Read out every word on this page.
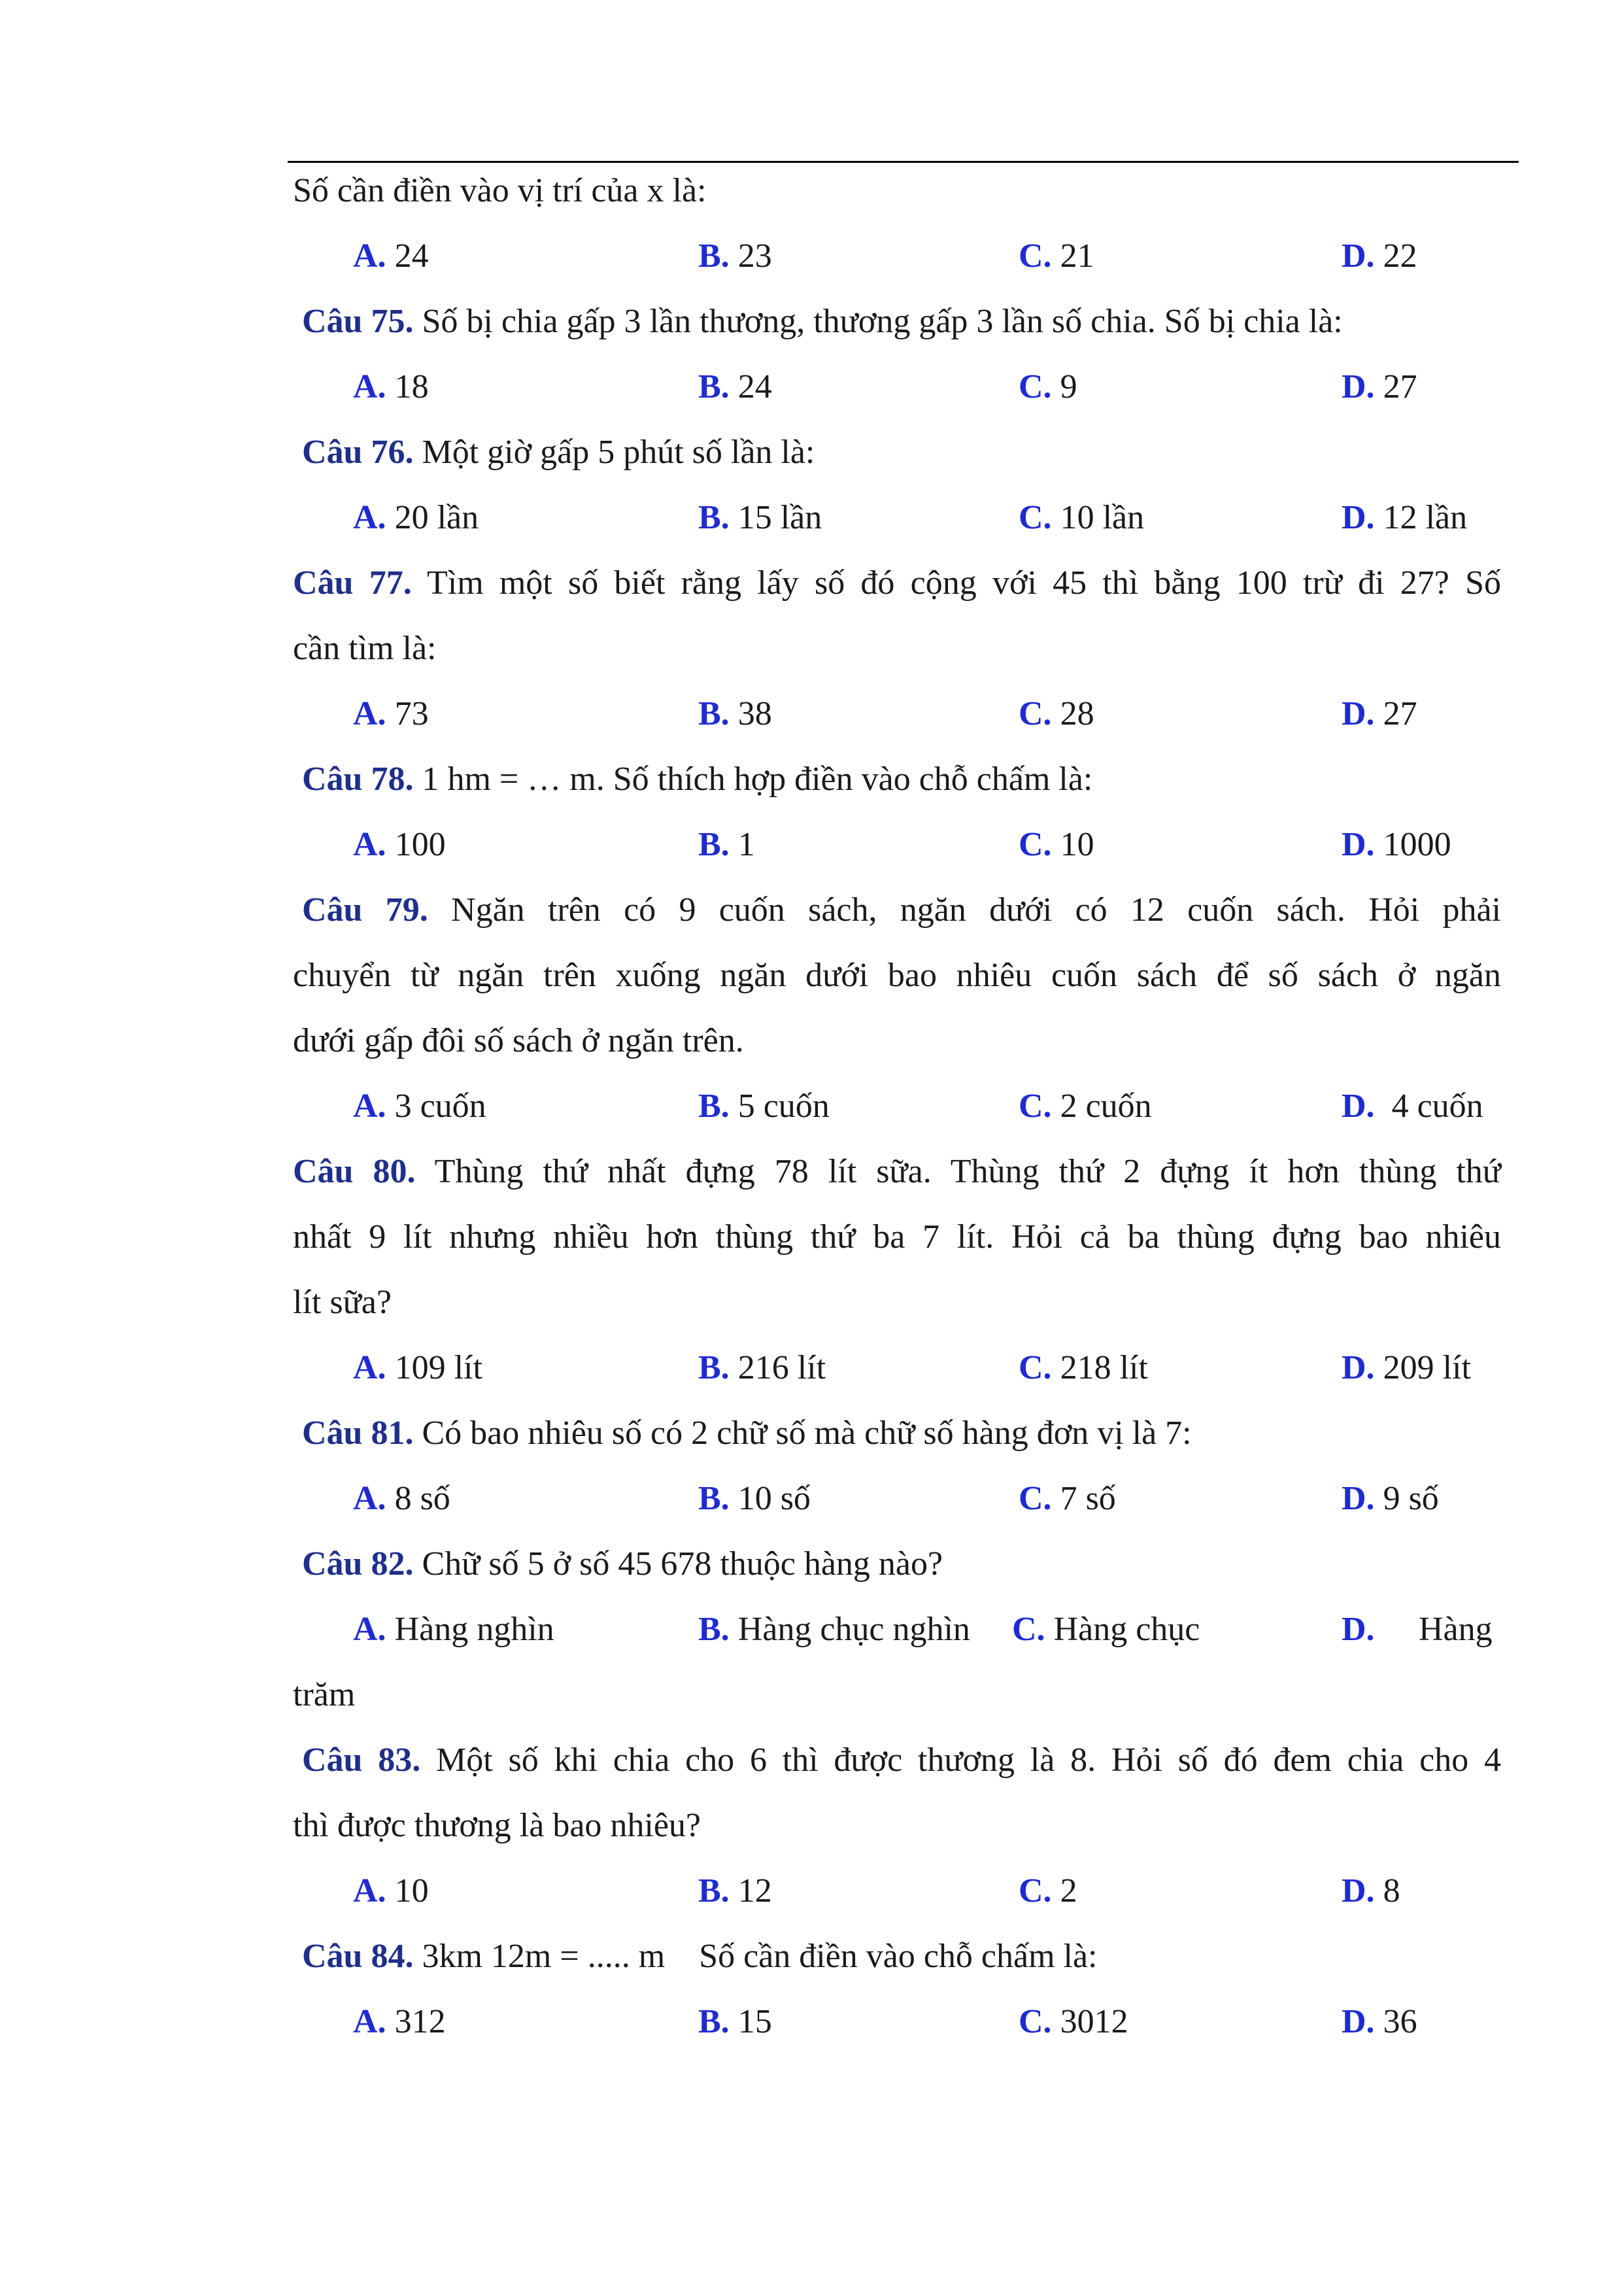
Số cần điền vào vị trí của x là:
A. 24	B. 23	C. 21	D. 22
Câu 75. Số bị chia gấp 3 lần thương, thương gấp 3 lần số chia. Số bị chia là:
A. 18	B. 24	C. 9	D. 27
Câu 76. Một giờ gấp 5 phút số lần là:
A. 20 lần	B. 15 lần	C. 10 lần	D. 12 lần
Câu 77. Tìm một số biết rằng lấy số đó cộng với 45 thì bằng 100 trừ đi 27? Số
cần tìm là:
A. 73	B. 38	C. 28	D. 27
Câu 78. 1 hm = … m. Số thích hợp điền vào chỗ chấm là:
A. 100	B. 1	C. 10	D. 1000
Câu 79. Ngăn trên có 9 cuốn sách, ngăn dưới có 12 cuốn sách. Hỏi phải
chuyển từ ngăn trên xuống ngăn dưới bao nhiêu cuốn sách để số sách ở ngăn
dưới gấp đôi số sách ở ngăn trên.
A. 3 cuốn	B. 5 cuốn	C. 2 cuốn	D.  4 cuốn
Câu 80. Thùng thứ nhất đựng 78 lít sữa. Thùng thứ 2 đựng ít hơn thùng thứ
nhất 9 lít nhưng nhiều hơn thùng thứ ba 7 lít. Hỏi cả ba thùng đựng bao nhiêu
lít sữa?
A. 109 lít	B. 216 lít	C. 218 lít	D. 209 lít
Câu 81. Có bao nhiêu số có 2 chữ số mà chữ số hàng đơn vị là 7:
A. 8 số	B. 10 số	C. 7 số	D. 9 số
Câu 82. Chữ số 5 ở số 45 678 thuộc hàng nào?
A. Hàng nghìn	B. Hàng chục nghìn C. Hàng chục	D. Hàng
trăm
Câu 83. Một số khi chia cho 6 thì được thương là 8. Hỏi số đó đem chia cho 4
thì được thương là bao nhiêu?
A. 10	B. 12	C. 2	D. 8
Câu 84. 3km 12m = ..... m    Số cần điền vào chỗ chấm là:
A. 312	B. 15	C. 3012	D. 36
